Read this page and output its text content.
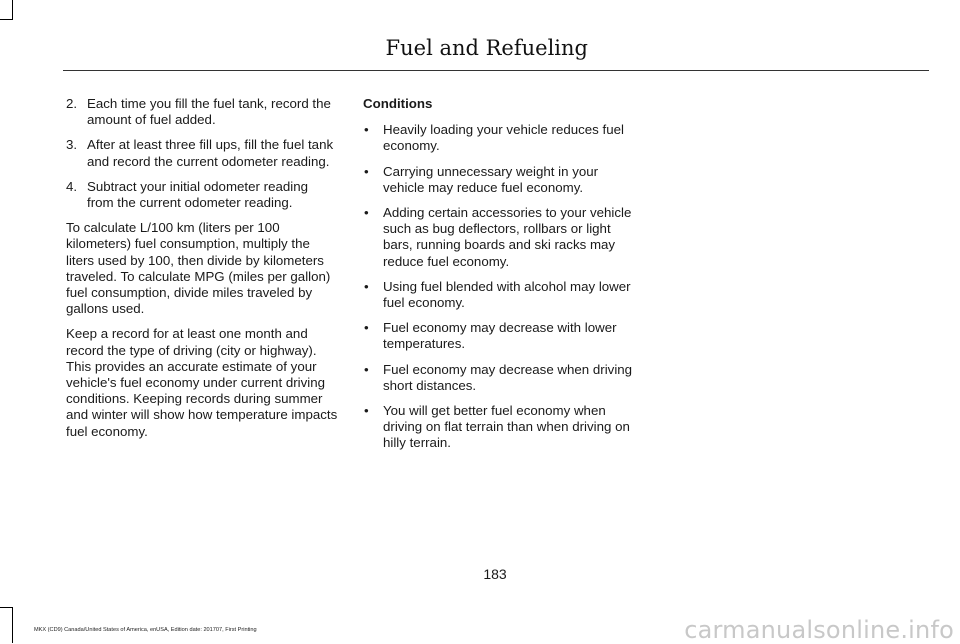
Fuel and Refueling
2. Each time you fill the fuel tank, record the amount of fuel added.
3. After at least three fill ups, fill the fuel tank and record the current odometer reading.
4. Subtract your initial odometer reading from the current odometer reading.

To calculate L/100 km (liters per 100 kilometers) fuel consumption, multiply the liters used by 100, then divide by kilometers traveled. To calculate MPG (miles per gallon) fuel consumption, divide miles traveled by gallons used.

Keep a record for at least one month and record the type of driving (city or highway). This provides an accurate estimate of your vehicle's fuel economy under current driving conditions. Keeping records during summer and winter will show how temperature impacts fuel economy.

Conditions
• Heavily loading your vehicle reduces fuel economy.
• Carrying unnecessary weight in your vehicle may reduce fuel economy.
• Adding certain accessories to your vehicle such as bug deflectors, rollbars or light bars, running boards and ski racks may reduce fuel economy.
• Using fuel blended with alcohol may lower fuel economy.
• Fuel economy may decrease with lower temperatures.
• Fuel economy may decrease when driving short distances.
• You will get better fuel economy when driving on flat terrain than when driving on hilly terrain.
183
MKX (CD9) Canada/United States of America, enUSA, Edition date: 201707, First Printing	carmanualsonline.info
